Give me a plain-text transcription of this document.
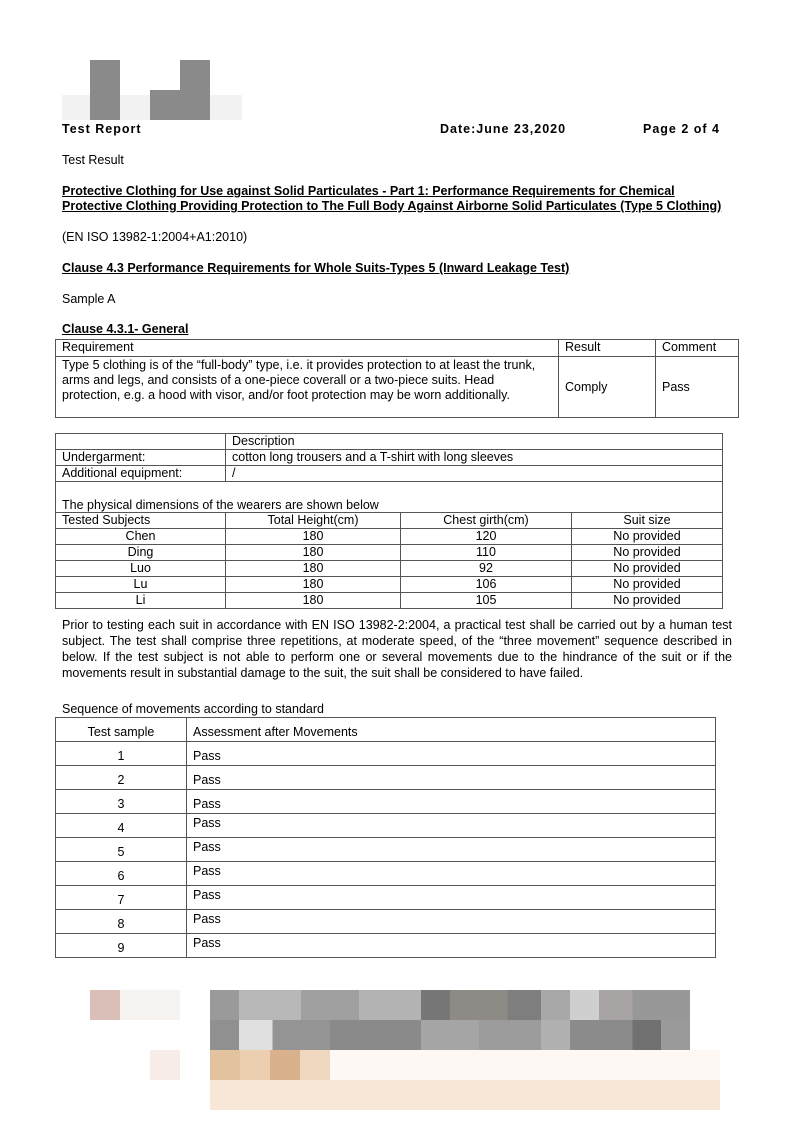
Test Report	Date:June 23,2020	Page 2 of 4
Test Result
Protective Clothing for Use against Solid Particulates - Part 1: Performance Requirements for Chemical Protective Clothing Providing Protection to The Full Body Against Airborne Solid Particulates (Type 5 Clothing)
(EN ISO 13982-1:2004+A1:2010)
Clause 4.3 Performance Requirements for Whole Suits-Types 5 (Inward Leakage Test)
Sample A
Clause 4.3.1- General
Requirement	Result	Comment
Type 5 clothing is of the “full-body” type, i.e. it provides protection to at least the trunk, arms and legs, and consists of a one-piece coverall or a two-piece suits. Head protection, e.g. a hood with visor, and/or foot protection may be worn additionally.	Comply	Pass
	Description		
Undergarment:	cotton long trousers and a T-shirt with long sleeves		
Additional equipment:	/		
The physical dimensions of the wearers are shown below			
Tested Subjects	Total Height(cm)	Chest girth(cm)	Suit size
Chen	180	120	No provided
Ding	180	110	No provided
Luo	180	92	No provided
Lu	180	106	No provided
Li	180	105	No provided
Prior to testing each suit in accordance with EN ISO 13982-2:2004, a practical test shall be carried out by a human test subject. The test shall comprise three repetitions, at moderate speed, of the “three movement” sequence described in below. If the test subject is not able to perform one or several movements due to the hindrance of the suit or if the movements result in substantial damage to the suit, the suit shall be considered to have failed.
Sequence of movements according to standard
Test sample	Assessment after Movements
1	Pass
2	Pass
3	Pass
4	Pass
5	Pass
6	Pass
7	Pass
8	Pass
9	Pass
